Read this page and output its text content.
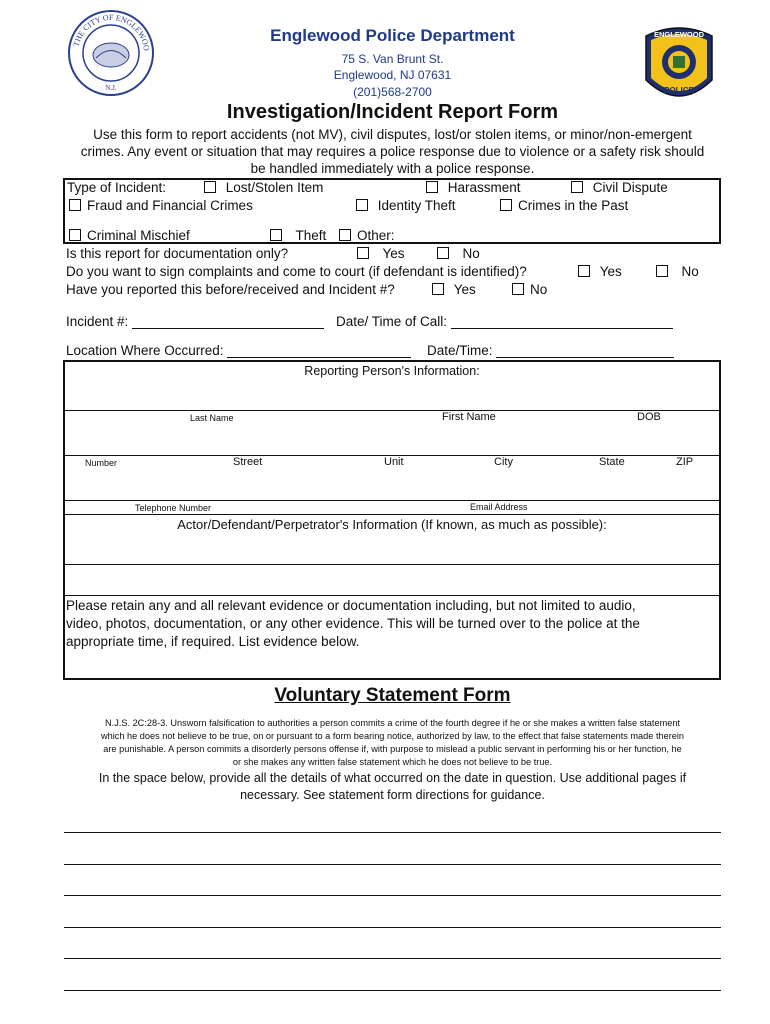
THE CITY OF ENGLEWOO
N.J.
ENGLEWOOD
POLICE
Englewood Police Department
75 S. Van Brunt St.
Englewood, NJ 07631
(201)568-2700
Investigation/Incident Report Form
Use this form to report accidents (not MV), civil disputes, lost/or stolen items, or minor/non-emergent
crimes. Any event or situation that may requires a police response due to violence or a safety risk should
be handled immediately with a police response.
Type of Incident:	Lost/Stolen Item	Harassment	Civil Dispute
Fraud and Financial Crimes	Identity Theft	Crimes in the Past
Criminal Mischief	Theft	Other:
Is this report for documentation only?	Yes	No
Do you want to sign complaints and come to court (if defendant is identified)?	Yes	No
Have you reported this before/received and Incident #?	Yes	No
Incident #:	Date/ Time of Call:
Location Where Occurred:	Date/Time:
Reporting Person's Information:
Last Name	First Name	DOB
Number	Street	Unit	City	State	ZIP
Telephone Number	Email Address
Actor/Defendant/Perpetrator's Information (If known, as much as possible):
Please retain any and all relevant evidence or documentation including, but not limited to audio,
video, photos, documentation, or any other evidence. This will be turned over to the police at the
appropriate time, if required. List evidence below.
Voluntary Statement Form
N.J.S. 2C:28-3. Unsworn falsification to authorities a person commits a crime of the fourth degree if he or she makes a written false statement
which he does not believe to be true, on or pursuant to a form bearing notice, authorized by law, to the effect that false statements made therein
are punishable. A person commits a disorderly persons offense if, with purpose to mislead a public servant in performing his or her function, he
or she makes any written false statement which he does not believe to be true.
In the space below, provide all the details of what occurred on the date in question. Use additional pages if
necessary. See statement form directions for guidance.
